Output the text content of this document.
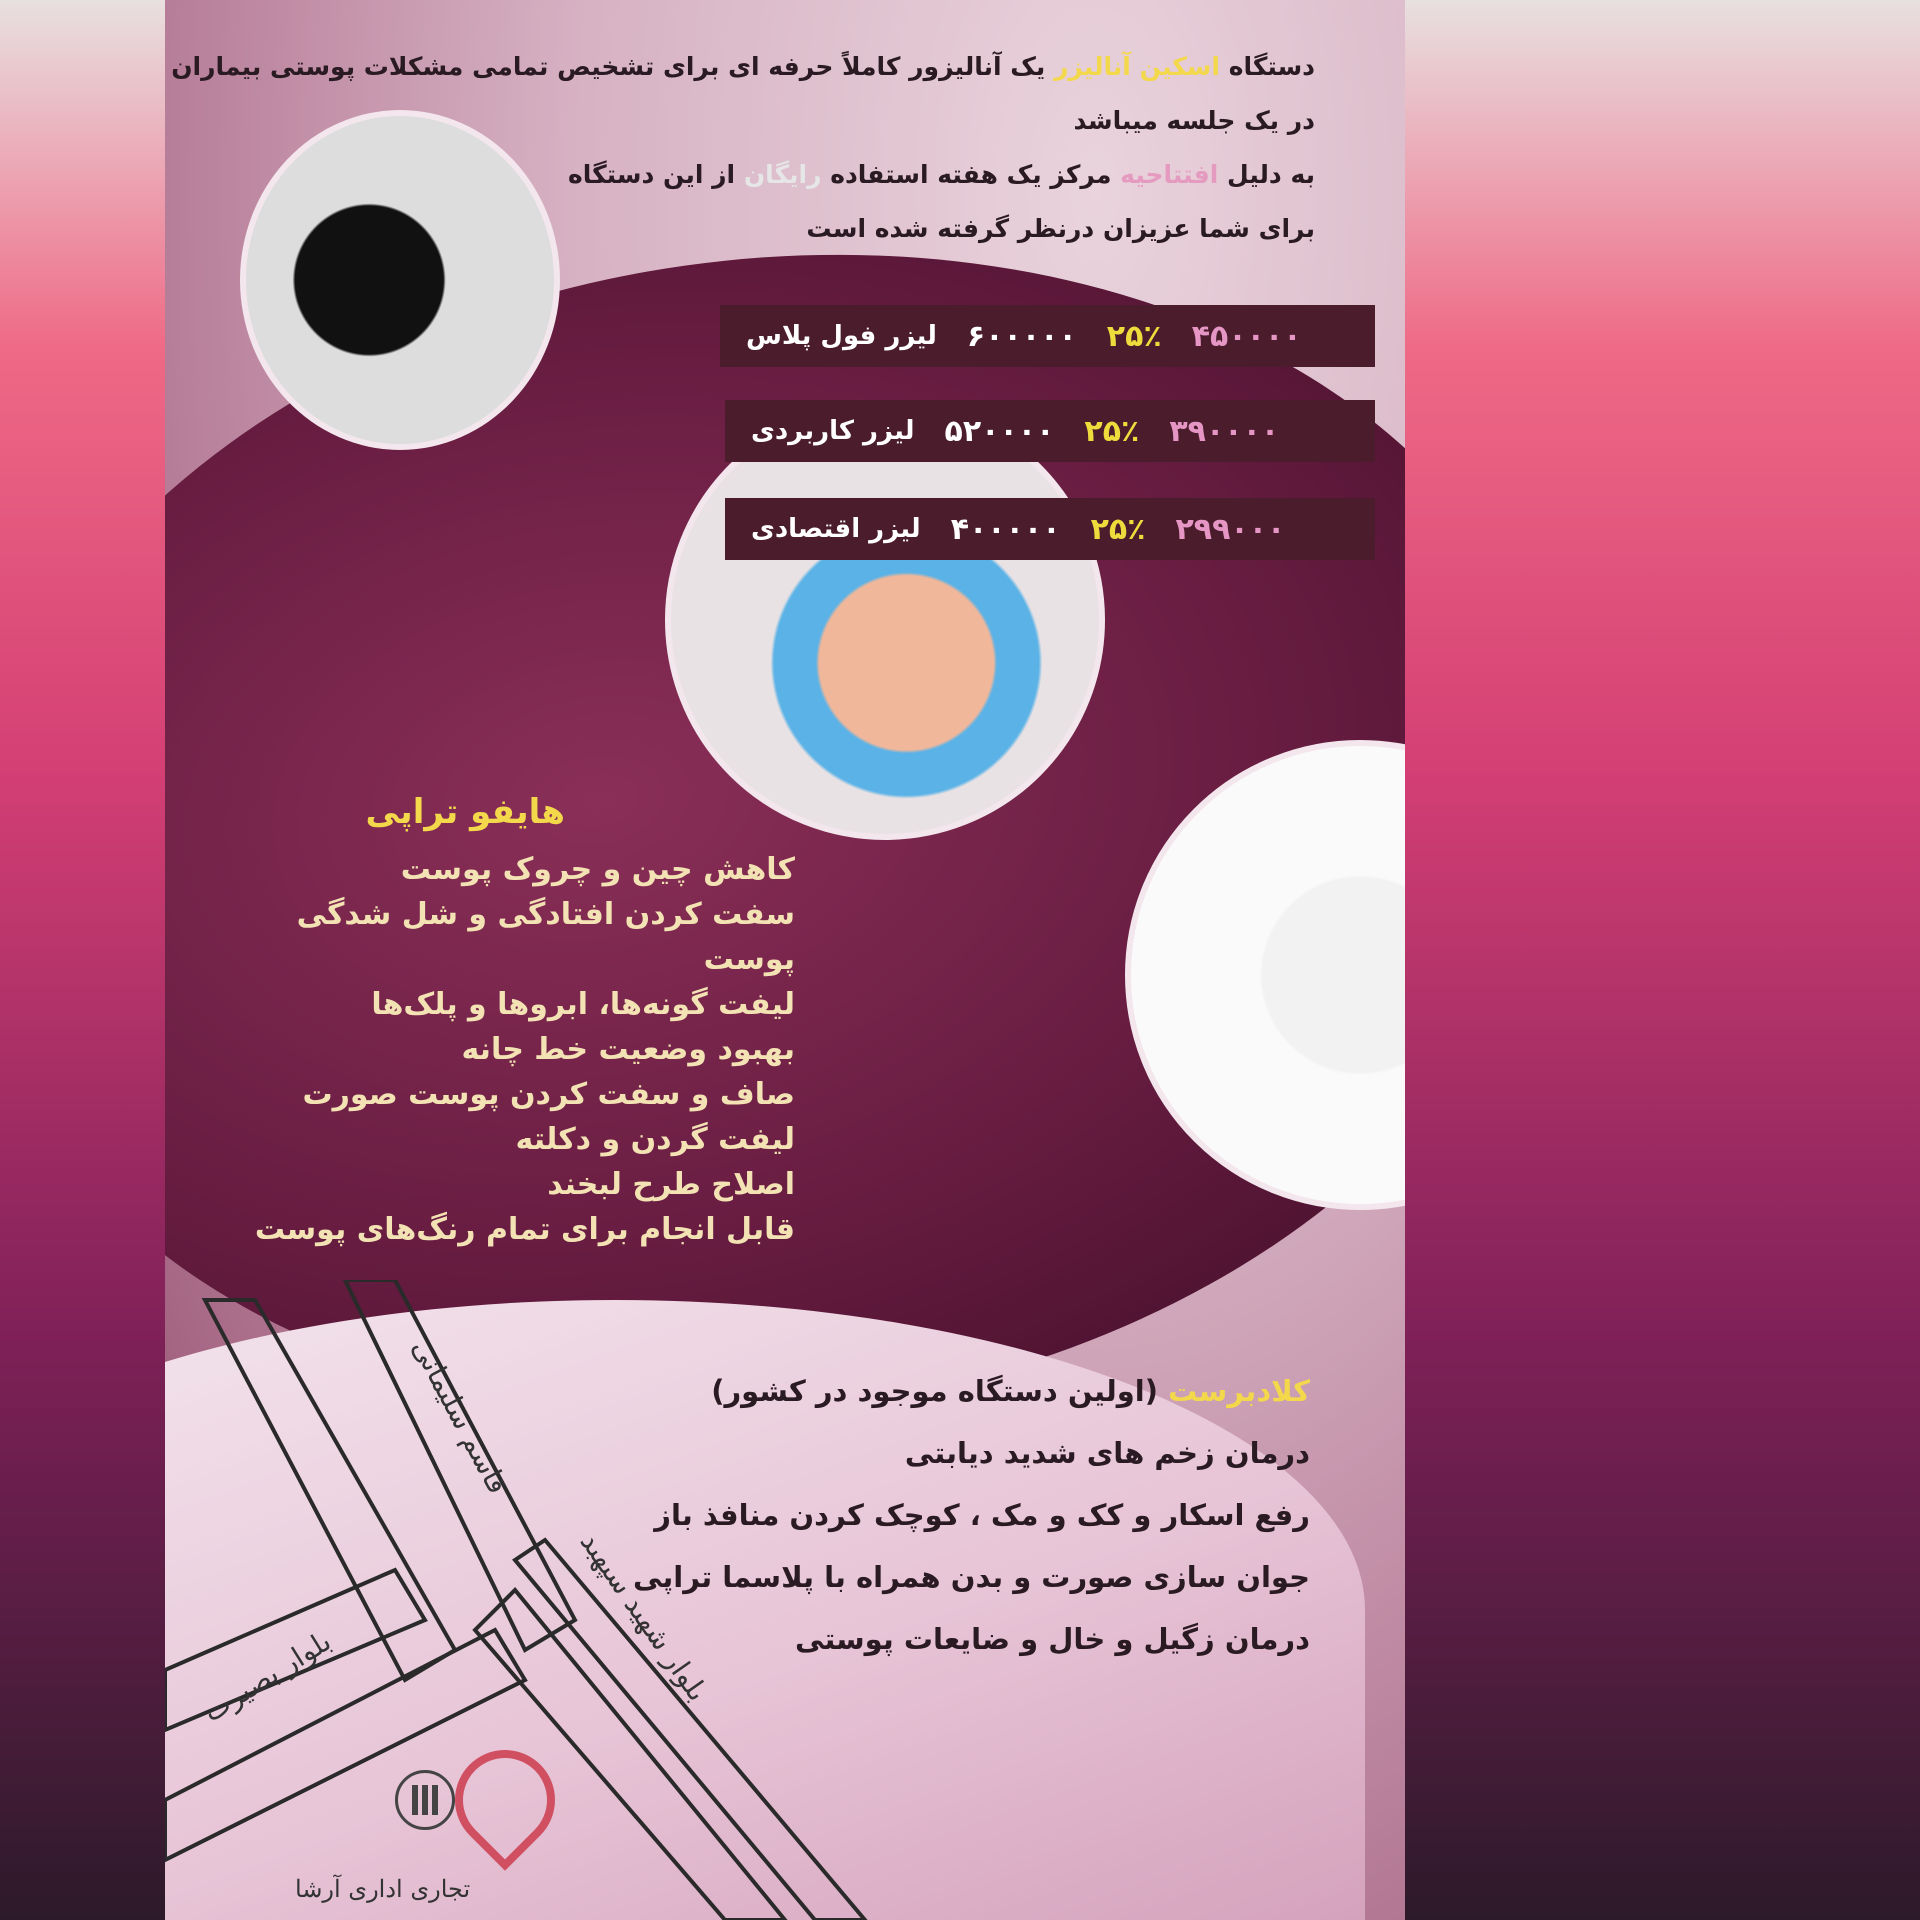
دستگاه اسکین آنالیزر یک آنالیزور کاملاً حرفه ای برای تشخیص تمامی مشکلات پوستی بیماران
در یک جلسه میباشد
به دلیل افتتاحیه مرکز یک هفته استفاده رایگان از این دستگاه
برای شما عزیزان درنظر گرفته شده است
لیزر فول پلاس ۶۰۰۰۰۰ ۲۵٪ ۴۵۰۰۰۰
لیزر کاربردی ۵۲۰۰۰۰ ۲۵٪ ۳۹۰۰۰۰
لیزر اقتصادی ۴۰۰۰۰۰ ۲۵٪ ۲۹۹۰۰۰
هایفو تراپی
کاهش چین و چروک پوست
سفت کردن افتادگی و شل شدگی پوست
لیفت گونه‌ها، ابروها و پلک‌ها
بهبود وضعیت خط چانه
صاف و سفت کردن پوست صورت
لیفت گردن و دکلته
اصلاح طرح لبخند
قابل انجام برای تمام رنگ‌های پوست
کلادبرست (اولین دستگاه موجود در کشور)
درمان زخم های شدید دیابتی
رفع اسکار و کک و مک ، کوچک کردن منافذ باز
جوان سازی صورت و بدن همراه با پلاسما تراپی
درمان زگیل و خال و ضایعات پوستی
بلوار بصیرت
قاسم سلیمانی
بلوار شهید سپهبد
تجاری اداری آرشا
